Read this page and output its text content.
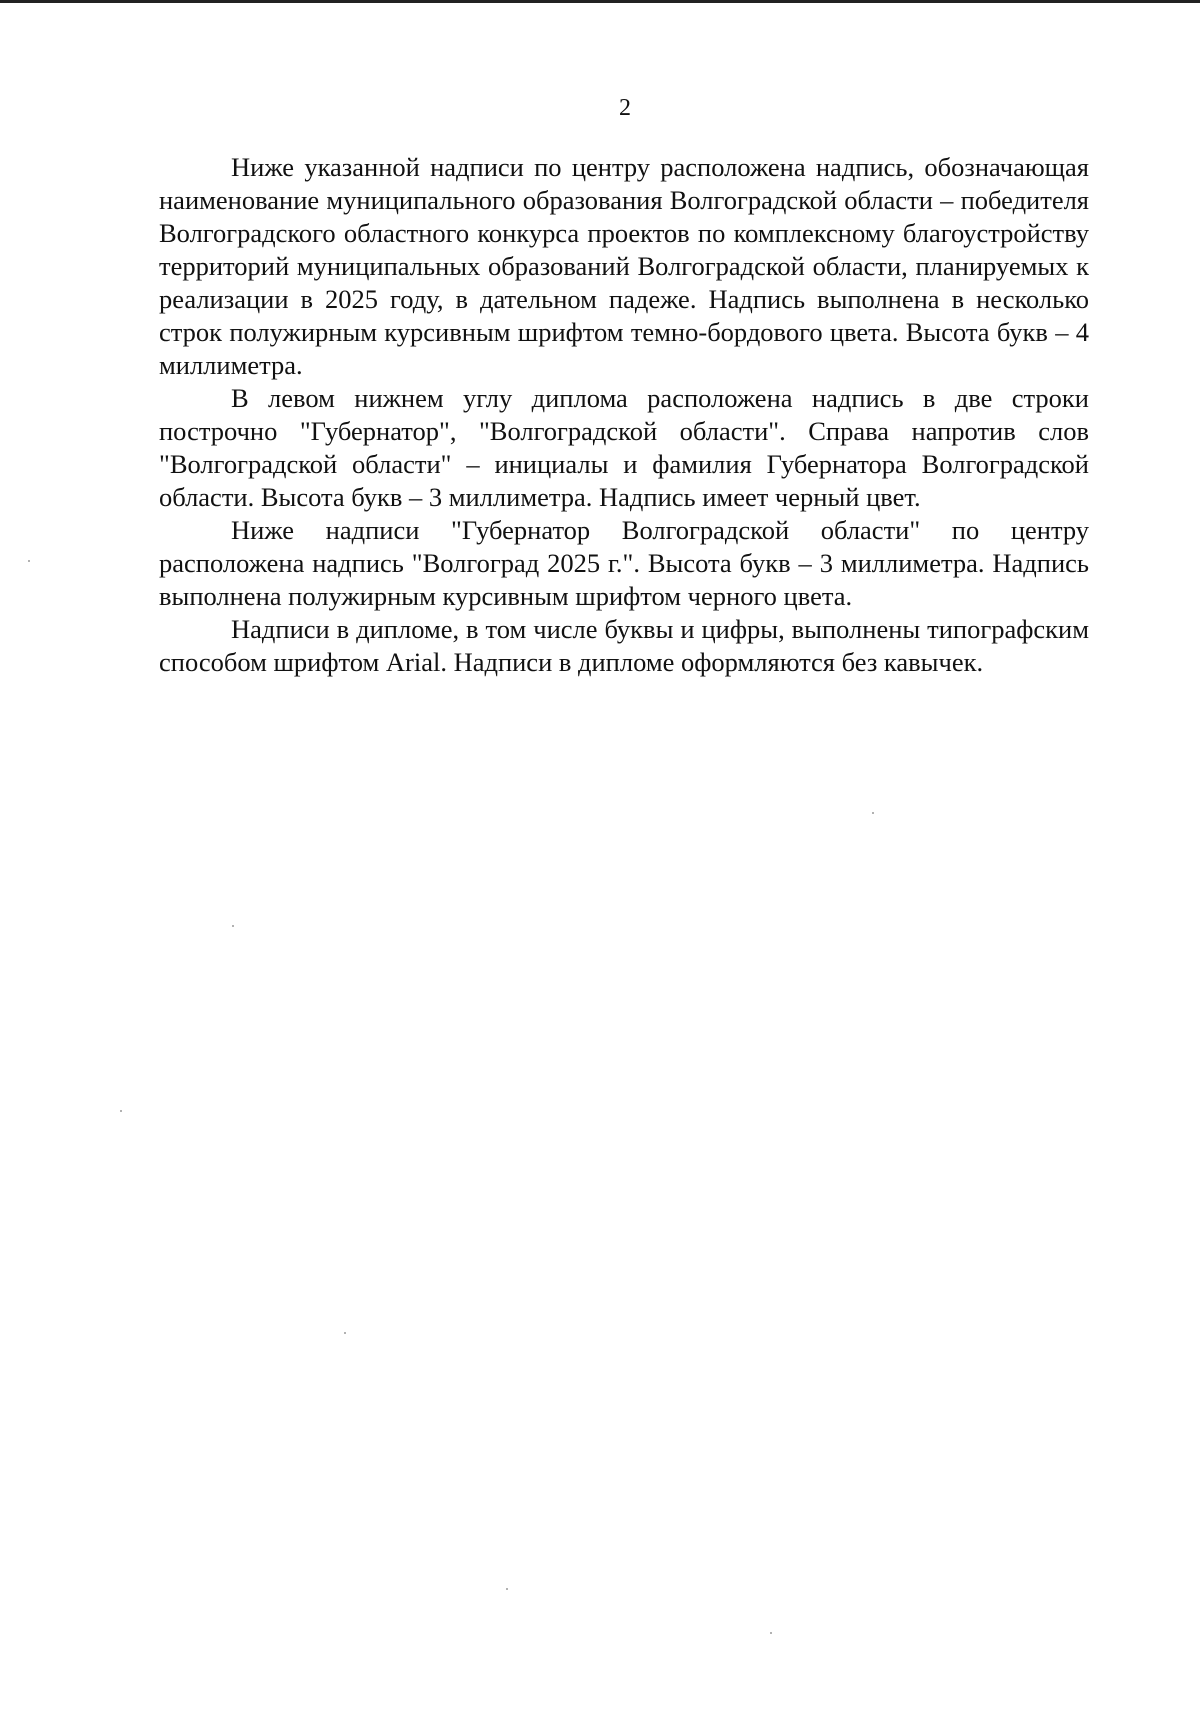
2

Ниже указанной надписи по центру расположена надпись, обозначающая наименование муниципального образования Волгоградской области – победителя Волгоградского областного конкурса проектов по комплексному благоустройству территорий муниципальных образований Волгоградской области, планируемых к реализации в 2025 году, в дательном падеже. Надпись выполнена в несколько строк полужирным курсивным шрифтом темно-бордового цвета. Высота букв – 4 миллиметра.

В левом нижнем углу диплома расположена надпись в две строки построчно "Губернатор", "Волгоградской области". Справа напротив слов "Волгоградской области" – инициалы и фамилия Губернатора Волгоградской области. Высота букв – 3 миллиметра. Надпись имеет черный цвет.

Ниже надписи "Губернатор Волгоградской области" по центру расположена надпись "Волгоград 2025 г.". Высота букв – 3 миллиметра. Надпись выполнена полужирным курсивным шрифтом черного цвета.

Надписи в дипломе, в том числе буквы и цифры, выполнены типографским способом шрифтом Arial. Надписи в дипломе оформляются без кавычек.
